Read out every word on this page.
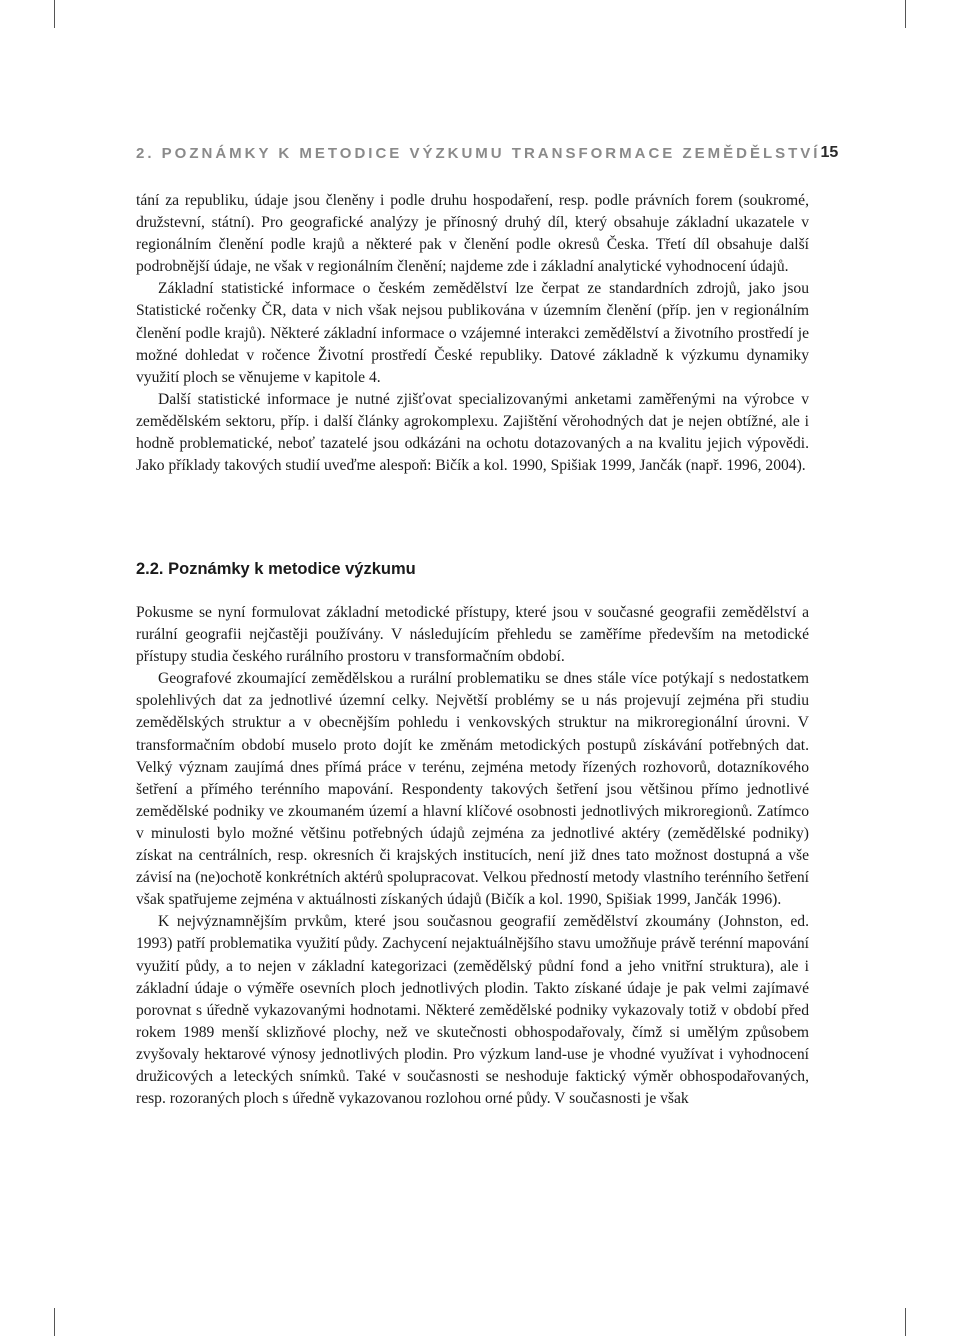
2. POZNÁMKY K METODICE VÝZKUMU TRANSFORMACE ZEMĚDĚLSTVÍ 15

tání za republiku, údaje jsou členěny i podle druhu hospodaření, resp. podle právních forem (soukromé, družstevní, státní). Pro geografické analýzy je přínosný druhý díl, který obsahuje základní ukazatele v regionálním členění podle krajů a některé pak v členění podle okresů Česka. Třetí díl obsahuje další podrobnější údaje, ne však v regionálním členění; najdeme zde i základní analytické vyhodnocení údajů.

Základní statistické informace o českém zemědělství lze čerpat ze standardních zdrojů, jako jsou Statistické ročenky ČR, data v nich však nejsou publikována v územním členění (příp. jen v regionálním členění podle krajů). Některé základní informace o vzájemné interakci zemědělství a životního prostředí je možné dohledat v ročence Životní prostředí České republiky. Datové základně k výzkumu dynamiky využití ploch se věnujeme v kapitole 4.

Další statistické informace je nutné zjišťovat specializovanými anketami zaměřenými na výrobce v zemědělském sektoru, příp. i další články agrokomplexu. Zajištění věrohodných dat je nejen obtížné, ale i hodně problematické, neboť tazatelé jsou odkázáni na ochotu dotazovaných a na kvalitu jejich výpovědi. Jako příklady takových studií uveďme alespoň: Bičík a kol. 1990, Spišiak 1999, Jančák (např. 1996, 2004).

2.2. Poznámky k metodice výzkumu

Pokusme se nyní formulovat základní metodické přístupy, které jsou v současné geografii zemědělství a rurální geografii nejčastěji používány. V následujícím přehledu se zaměříme především na metodické přístupy studia českého rurálního prostoru v transformačním období.

Geografové zkoumající zemědělskou a rurální problematiku se dnes stále více potýkají s nedostatkem spolehlivých dat za jednotlivé územní celky. Největší problémy se u nás projevují zejména při studiu zemědělských struktur a v obecnějším pohledu i venkovských struktur na mikroregionální úrovni. V transformačním období muselo proto dojít ke změnám metodických postupů získávání potřebných dat. Velký význam zaujímá dnes přímá práce v terénu, zejména metody řízených rozhovorů, dotazníkového šetření a přímého terénního mapování. Respondenty takových šetření jsou většinou přímo jednotlivé zemědělské podniky ve zkoumaném území a hlavní klíčové osobnosti jednotlivých mikroregionů. Zatímco v minulosti bylo možné většinu potřebných údajů zejména za jednotlivé aktéry (zemědělské podniky) získat na centrálních, resp. okresních či krajských institucích, není již dnes tato možnost dostupná a vše závisí na (ne)ochotě konkrétních aktérů spolupracovat. Velkou předností metody vlastního terénního šetření však spatřujeme zejména v aktuálnosti získaných údajů (Bičík a kol. 1990, Spišiak 1999, Jančák 1996).

K nejvýznamnějším prvkům, které jsou současnou geografií zemědělství zkoumány (Johnston, ed. 1993) patří problematika využití půdy. Zachycení nejaktuálnějšího stavu umožňuje právě terénní mapování využití půdy, a to nejen v základní kategorizaci (zemědělský půdní fond a jeho vnitřní struktura), ale i základní údaje o výměře osevních ploch jednotlivých plodin. Takto získané údaje je pak velmi zajímavé porovnat s úředně vykazovanými hodnotami. Některé zemědělské podniky vykazovaly totiž v období před rokem 1989 menší sklizňové plochy, než ve skutečnosti obhospodařovaly, čímž si umělým způsobem zvyšovaly hektarové výnosy jednotlivých plodin. Pro výzkum land-use je vhodné využívat i vyhodnocení družicových a leteckých snímků. Také v současnosti se neshoduje faktický výměr obhospodařovaných, resp. rozoraných ploch s úředně vykazovanou rozlohou orné půdy. V současnosti je však
